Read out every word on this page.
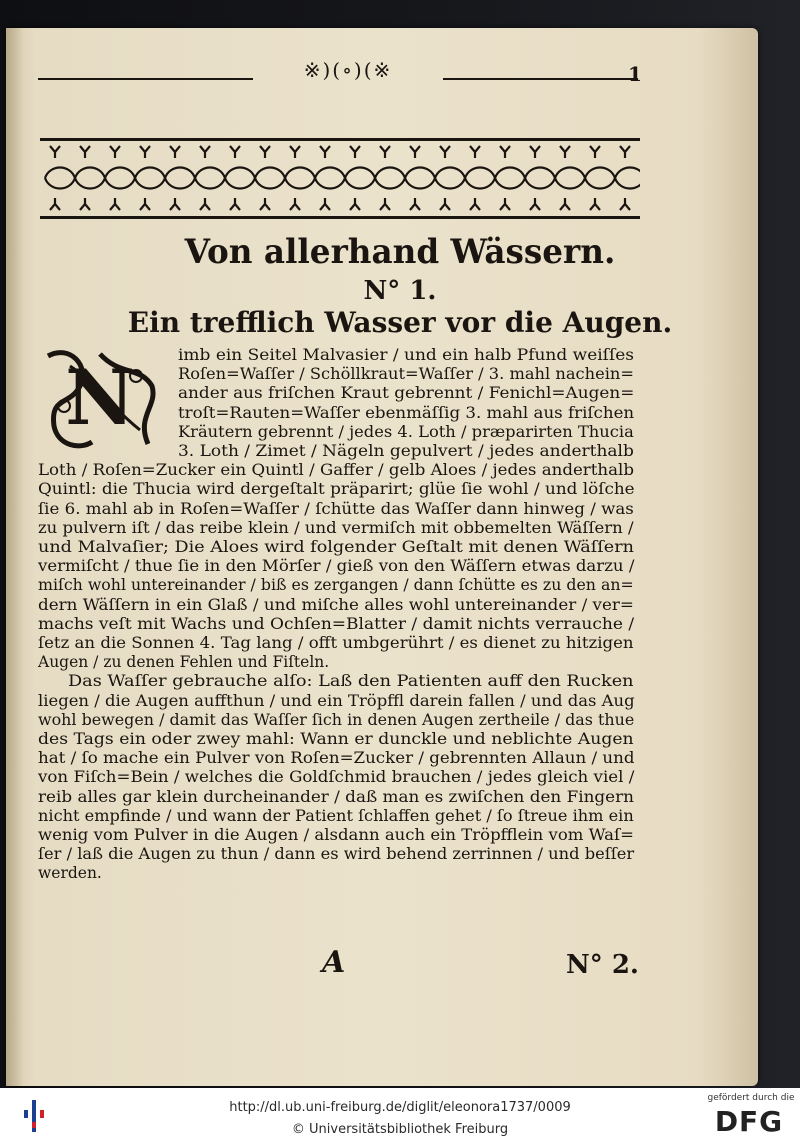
※)(∘)(※	1
Von allerhand Wässern.
N° 1.
Ein trefflich Wasser vor die Augen.
N	imb ein Seitel Malvasier / und ein halb Pfund weiſſes
Roſen=Waſſer / Schöllkraut=Waſſer / 3. mahl nachein=
ander aus friſchen Kraut gebrennt / Fenichl=Augen=
troſt=Rauten=Waſſer ebenmäſſig 3. mahl aus friſchen
Kräutern gebrennt / jedes 4. Loth / præparirten Thucia
3. Loth / Zimet / Nägeln gepulvert / jedes anderthalb
Loth / Roſen=Zucker ein Quintl / Gaffer / gelb Aloes / jedes anderthalb
Quintl: die Thucia wird dergeſtalt präparirt; glüe ſie wohl / und löſche
ſie 6. mahl ab in Roſen=Waſſer / ſchütte das Waſſer dann hinweg / was
zu pulvern iſt / das reibe klein / und vermiſch mit obbemelten Wäſſern /
und Malvaſier; Die Aloes wird folgender Geſtalt mit denen Wäſſern
vermiſcht / thue ſie in den Mörſer / gieß von den Wäſſern etwas darzu /
miſch wohl untereinander / biß es zergangen / dann ſchütte es zu den an=
dern Wäſſern in ein Glaß / und miſche alles wohl untereinander / ver=
machs veſt mit Wachs und Ochſen=Blatter / damit nichts verrauche /
ſetz an die Sonnen 4. Tag lang / offt umbgerührt / es dienet zu hitzigen
Augen / zu denen Fehlen und Fiſteln.
Das Waſſer gebrauche alſo: Laß den Patienten auff den Rucken
liegen / die Augen auffthun / und ein Tröpffl darein fallen / und das Aug
wohl bewegen / damit das Waſſer ſich in denen Augen zertheile / das thue
des Tags ein oder zwey mahl: Wann er dunckle und neblichte Augen
hat / ſo mache ein Pulver von Roſen=Zucker / gebrennten Allaun / und
von Fiſch=Bein / welches die Goldſchmid brauchen / jedes gleich viel /
reib alles gar klein durcheinander / daß man es zwiſchen den Fingern
nicht empfinde / und wann der Patient ſchlaffen gehet / ſo ſtreue ihm ein
wenig vom Pulver in die Augen / alsdann auch ein Tröpfflein vom Waſ=
ſer / laß die Augen zu thun / dann es wird behend zerrinnen / und beſſer
werden.
A	N° 2.
http://dl.ub.uni-freiburg.de/diglit/eleonora1737/0009
© Universitätsbibliothek Freiburg
gefördert durch die
DFG
